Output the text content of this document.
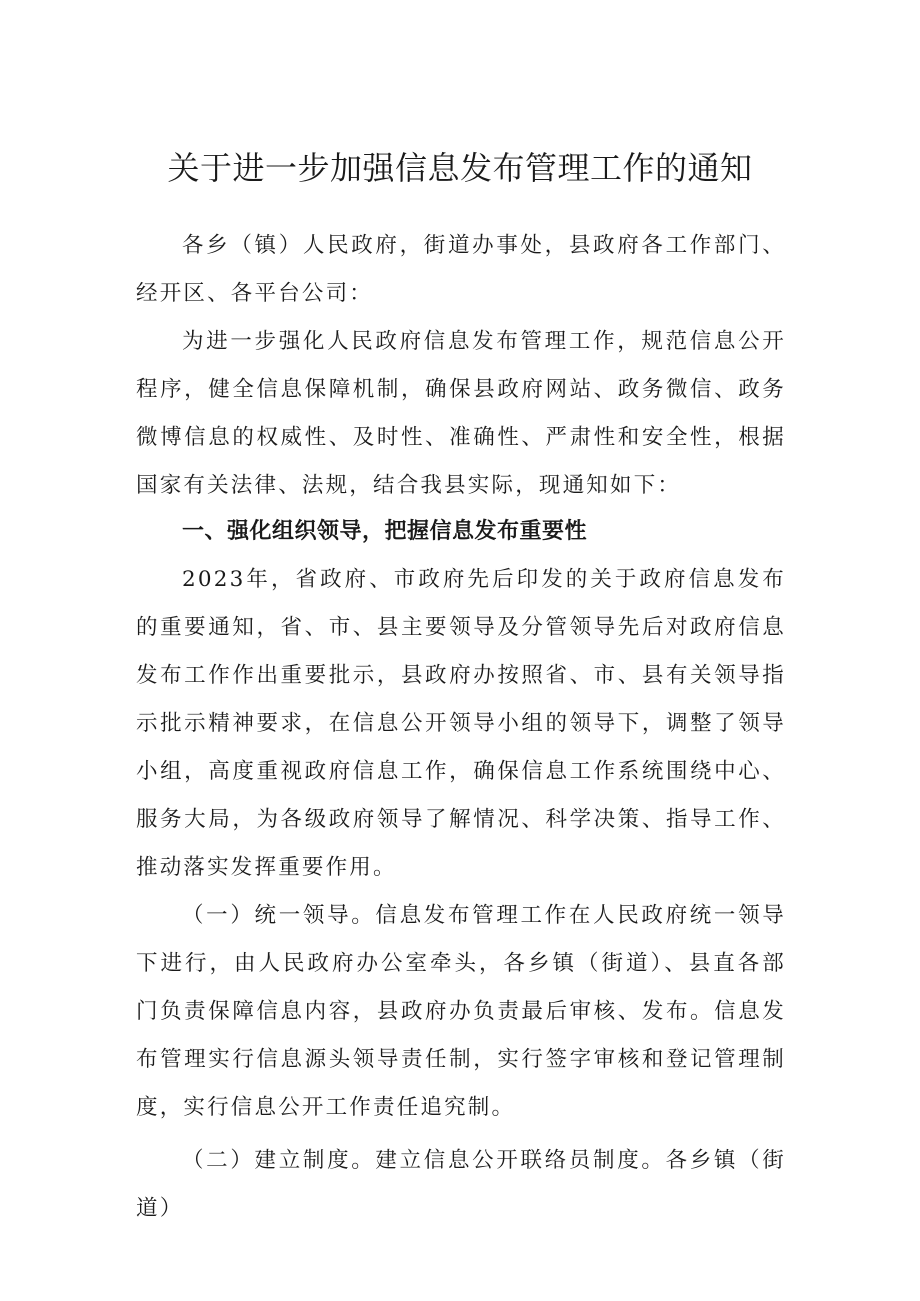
关于进一步加强信息发布管理工作的通知

各乡（镇）人民政府，街道办事处，县政府各工作部门、经开区、各平台公司：

为进一步强化人民政府信息发布管理工作，规范信息公开程序，健全信息保障机制，确保县政府网站、政务微信、政务微博信息的权威性、及时性、准确性、严肃性和安全性，根据国家有关法律、法规，结合我县实际，现通知如下：

一、强化组织领导，把握信息发布重要性

2023年，省政府、市政府先后印发的关于政府信息发布的重要通知，省、市、县主要领导及分管领导先后对政府信息发布工作作出重要批示，县政府办按照省、市、县有关领导指示批示精神要求，在信息公开领导小组的领导下，调整了领导小组，高度重视政府信息工作，确保信息工作系统围绕中心、服务大局，为各级政府领导了解情况、科学决策、指导工作、推动落实发挥重要作用。

（一）统一领导。信息发布管理工作在人民政府统一领导下进行，由人民政府办公室牵头，各乡镇（街道）、县直各部门负责保障信息内容，县政府办负责最后审核、发布。信息发布管理实行信息源头领导责任制，实行签字审核和登记管理制度，实行信息公开工作责任追究制。

（二）建立制度。建立信息公开联络员制度。各乡镇（街道）
